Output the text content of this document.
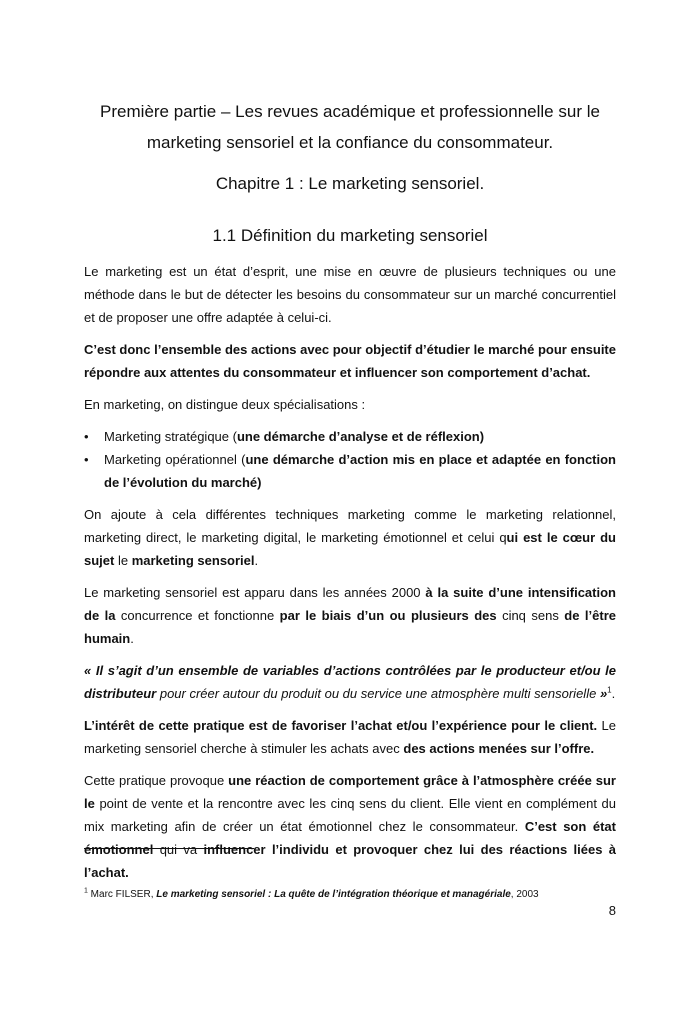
Première partie – Les revues académique et professionnelle sur le marketing sensoriel et la confiance du consommateur.
Chapitre 1 : Le marketing sensoriel.
1.1 Définition du marketing sensoriel

Le marketing est un état d’esprit, une mise en œuvre de plusieurs techniques ou une méthode dans le but de détecter les besoins du consommateur sur un marché concurrentiel et de proposer une offre adaptée à celui-ci.

C’est donc l’ensemble des actions avec pour objectif d’étudier le marché pour ensuite répondre aux attentes du consommateur et influencer son comportement d’achat.

En marketing, on distingue deux spécialisations :

• Marketing stratégique (une démarche d’analyse et de réflexion)
• Marketing opérationnel (une démarche d’action mis en place et adaptée en fonction de l’évolution du marché)

On ajoute à cela différentes techniques marketing comme le marketing relationnel, marketing direct, le marketing digital, le marketing émotionnel et celui qui est le cœur du sujet le marketing sensoriel.

Le marketing sensoriel est apparu dans les années 2000 à la suite d’une intensification de la concurrence et fonctionne par le biais d’un ou plusieurs des cinq sens de l’être humain.

« Il s’agit d’un ensemble de variables d’actions contrôlées par le producteur et/ou le distributeur pour créer autour du produit ou du service une atmosphère multi sensorielle »$^1$.

L’intérêt de cette pratique est de favoriser l’achat et/ou l’expérience pour le client. Le marketing sensoriel cherche à stimuler les achats avec des actions menées sur l’offre.

Cette pratique provoque une réaction de comportement grâce à l’atmosphère créée sur le point de vente et la rencontre avec les cinq sens du client. Elle vient en complément du mix marketing afin de créer un état émotionnel chez le consommateur. C’est son état émotionnel qui va influencer l’individu et provoquer chez lui des réactions liées à l’achat.

$^1$ Marc FILSER, Le marketing sensoriel : La quête de l’intégration théorique et managériale, 2003
8
